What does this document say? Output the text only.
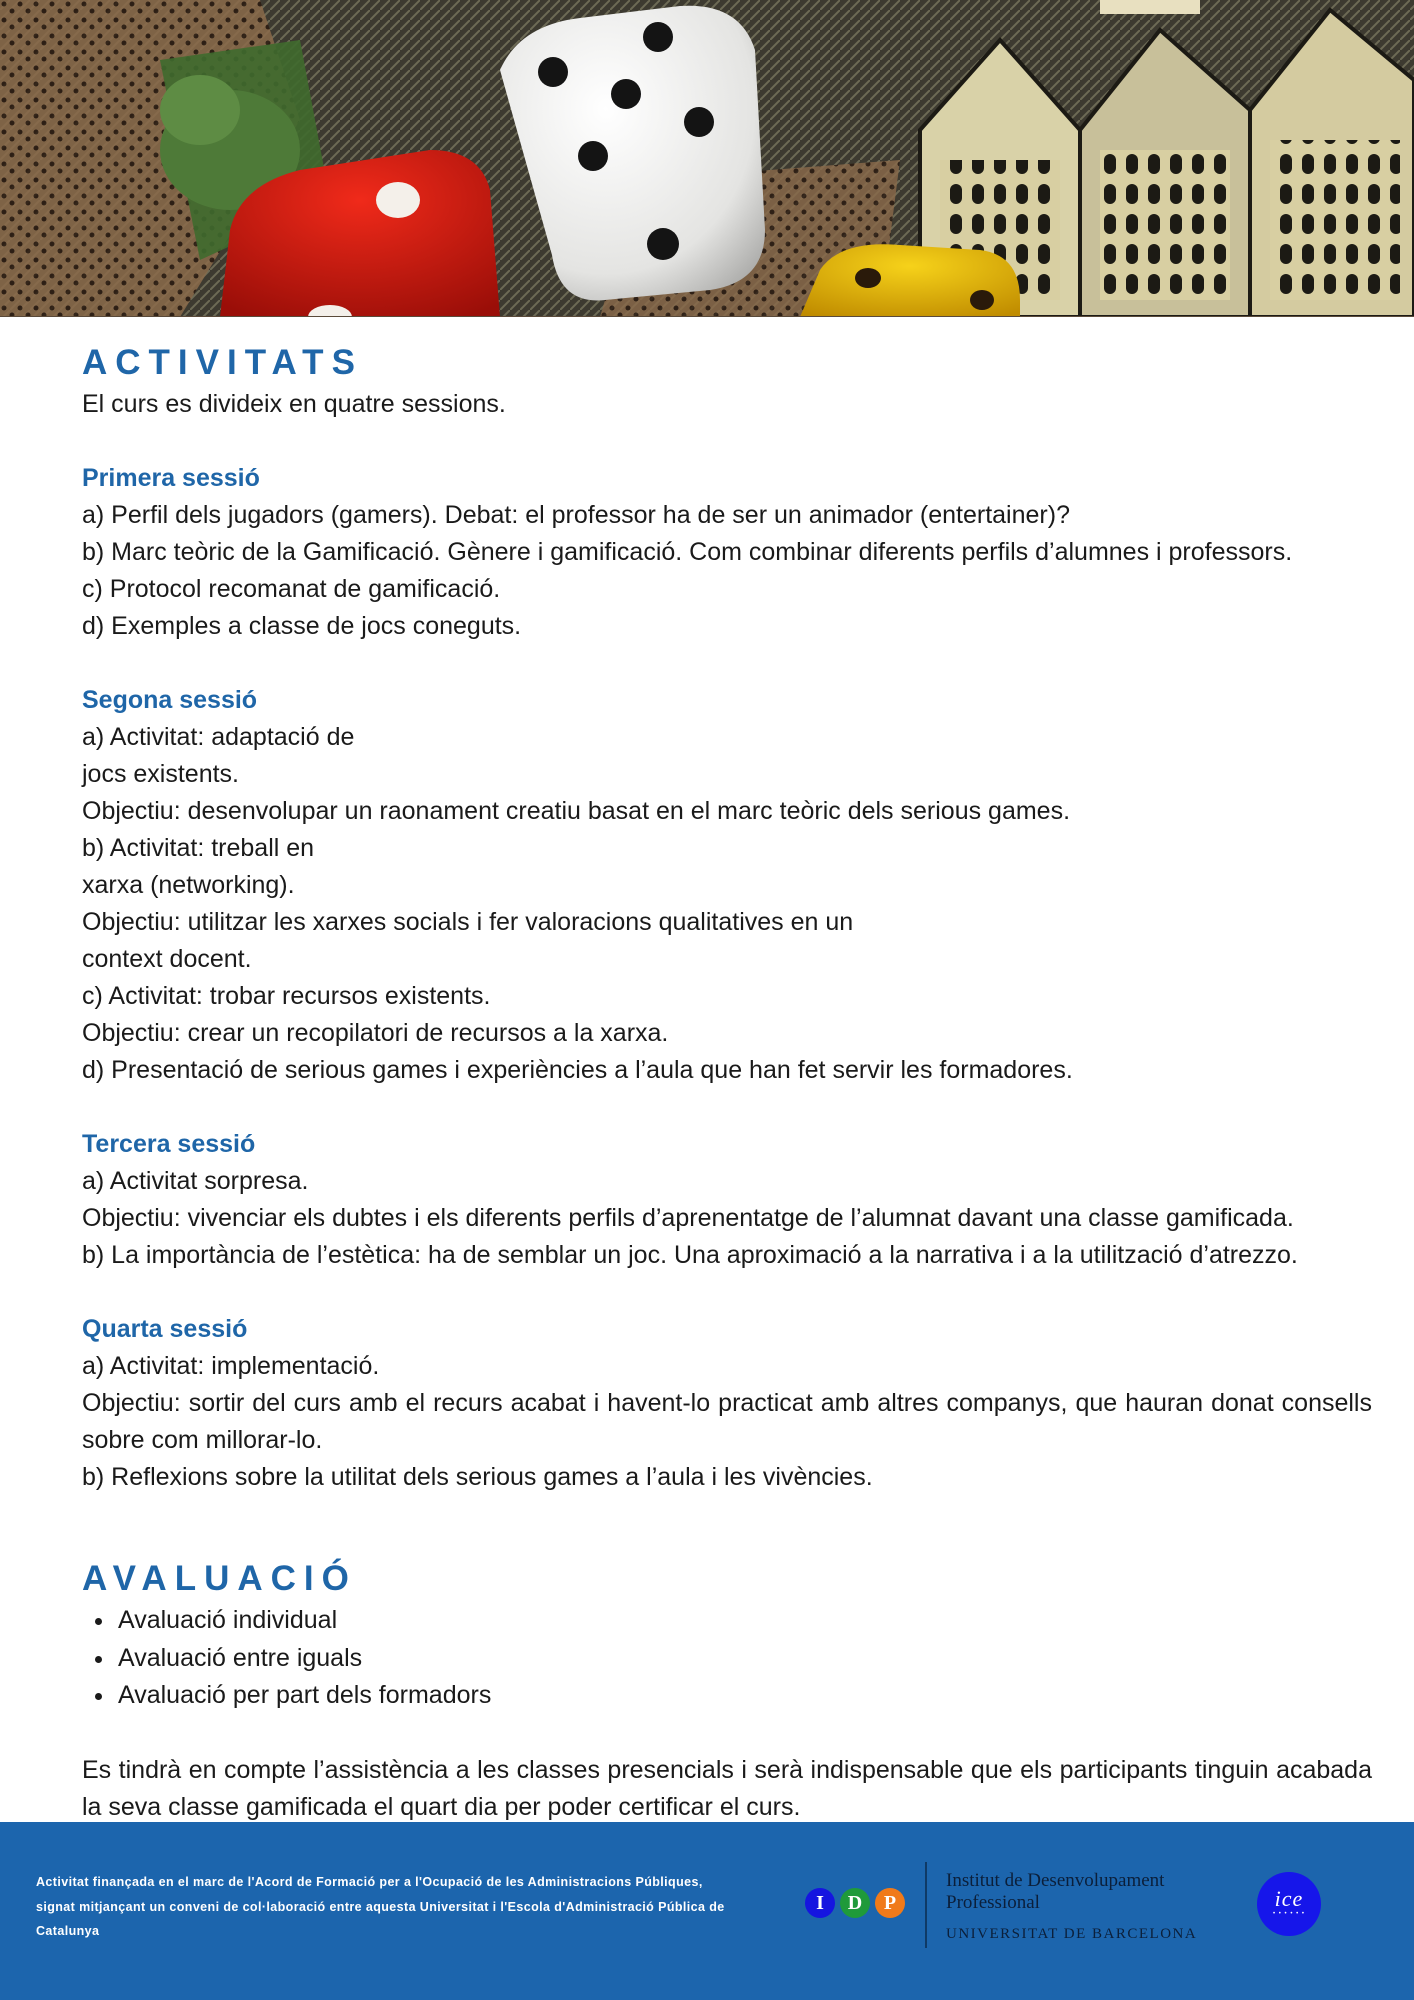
ACTIVITATS

El curs es divideix en quatre sessions.

Primera sessió

a) Perfil dels jugadors (gamers). Debat: el professor ha de ser un animador (entertainer)?

b) Marc teòric de la Gamificació. Gènere i gamificació. Com combinar diferents perfils d’alumnes i professors.

c) Protocol recomanat de gamificació.

d) Exemples a classe de jocs coneguts.

Segona sessió

a) Activitat: adaptació de

jocs existents.

Objectiu: desenvolupar un raonament creatiu basat en el marc teòric dels serious games.

b) Activitat: treball en

xarxa (networking).

Objectiu: utilitzar les xarxes socials i fer valoracions qualitatives en un

context docent.

c) Activitat: trobar recursos existents.

Objectiu: crear un recopilatori de recursos a la xarxa.

d) Presentació de serious games i experiències a l’aula que han fet servir les formadores.

Tercera sessió

a) Activitat sorpresa.

Objectiu: vivenciar els dubtes i els diferents perfils d’aprenentatge de l’alumnat davant una classe gamificada.

b) La importància de l’estètica: ha de semblar un joc. Una aproximació a la narrativa i a la utilització d’atrezzo.

Quarta sessió

a) Activitat: implementació.

Objectiu: sortir del curs amb el recurs acabat i havent-lo practicat amb altres companys, que hauran donat consells sobre com millorar-lo.

b) Reflexions sobre la utilitat dels serious games a l’aula i les vivències.

AVALUACIÓ
• Avaluació individual
• Avaluació entre iguals
• Avaluació per part dels formadors

Es tindrà en compte l’assistència a les classes presencials i serà indispensable que els participants tinguin acabada la seva classe gamificada el quart dia per poder certificar el curs.

Activitat finançada en el marc de l'Acord de Formació per a l'Ocupació de les Administracions Públiques, signat mitjançant un conveni de col·laboració entre aquesta Universitat i l'Escola d'Administració Pública de Catalunya

I	D	P

Institut de Desenvolupament Professional

UNIVERSITAT DE BARCELONA

ice
• • • • • •
